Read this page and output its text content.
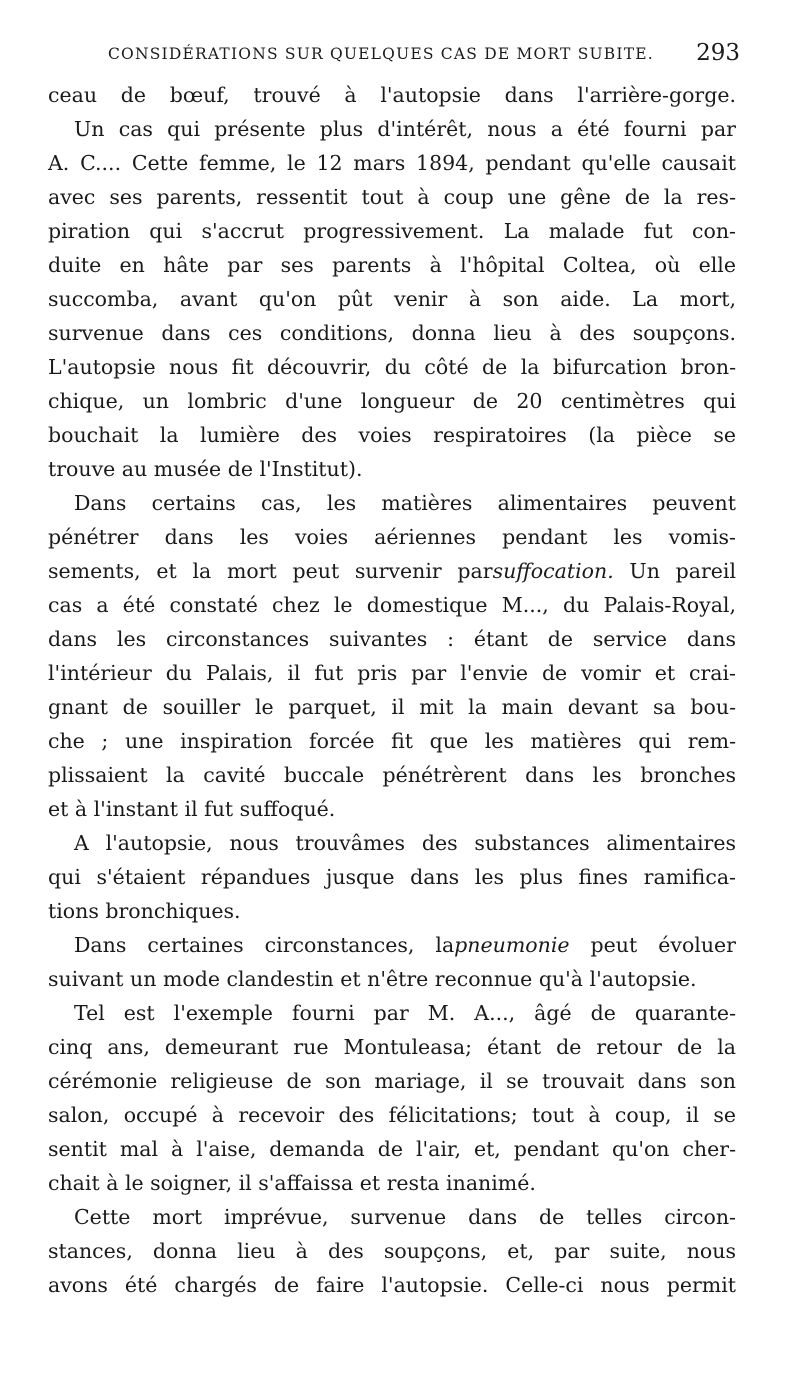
CONSIDÉRATIONS SUR QUELQUES CAS DE MORT SUBITE. 293
ceau de bœuf, trouvé à l'autopsie dans l'arrière-gorge.
Un cas qui présente plus d'intérêt, nous a été fourni par
A. C.... Cette femme, le 12 mars 1894, pendant qu'elle causait
avec ses parents, ressentit tout à coup une gêne de la res-
piration qui s'accrut progressivement. La malade fut con-
duite en hâte par ses parents à l'hôpital Coltea, où elle
succomba, avant qu'on pût venir à son aide. La mort,
survenue dans ces conditions, donna lieu à des soupçons.
L'autopsie nous fit découvrir, du côté de la bifurcation bron-
chique, un lombric d'une longueur de 20 centimètres qui
bouchait la lumière des voies respiratoires (la pièce se
trouve au musée de l'Institut).
Dans certains cas, les matières alimentaires peuvent
pénétrer dans les voies aériennes pendant les vomis-
sements, et la mort peut survenir parsuffocation. Un pareil
cas a été constaté chez le domestique M..., du Palais-Royal,
dans les circonstances suivantes : étant de service dans
l'intérieur du Palais, il fut pris par l'envie de vomir et crai-
gnant de souiller le parquet, il mit la main devant sa bou-
che ; une inspiration forcée fit que les matières qui rem-
plissaient la cavité buccale pénétrèrent dans les bronches
et à l'instant il fut suffoqué.
A l'autopsie, nous trouvâmes des substances alimentaires
qui s'étaient répandues jusque dans les plus fines ramifica-
tions bronchiques.
Dans certaines circonstances, lapneumonie peut évoluer
suivant un mode clandestin et n'être reconnue qu'à l'autopsie.
Tel est l'exemple fourni par M. A..., âgé de quarante-
cinq ans, demeurant rue Montuleasa; étant de retour de la
cérémonie religieuse de son mariage, il se trouvait dans son
salon, occupé à recevoir des félicitations; tout à coup, il se
sentit mal à l'aise, demanda de l'air, et, pendant qu'on cher-
chait à le soigner, il s'affaissa et resta inanimé.
Cette mort imprévue, survenue dans de telles circon-
stances, donna lieu à des soupçons, et, par suite, nous
avons été chargés de faire l'autopsie. Celle-ci nous permit
